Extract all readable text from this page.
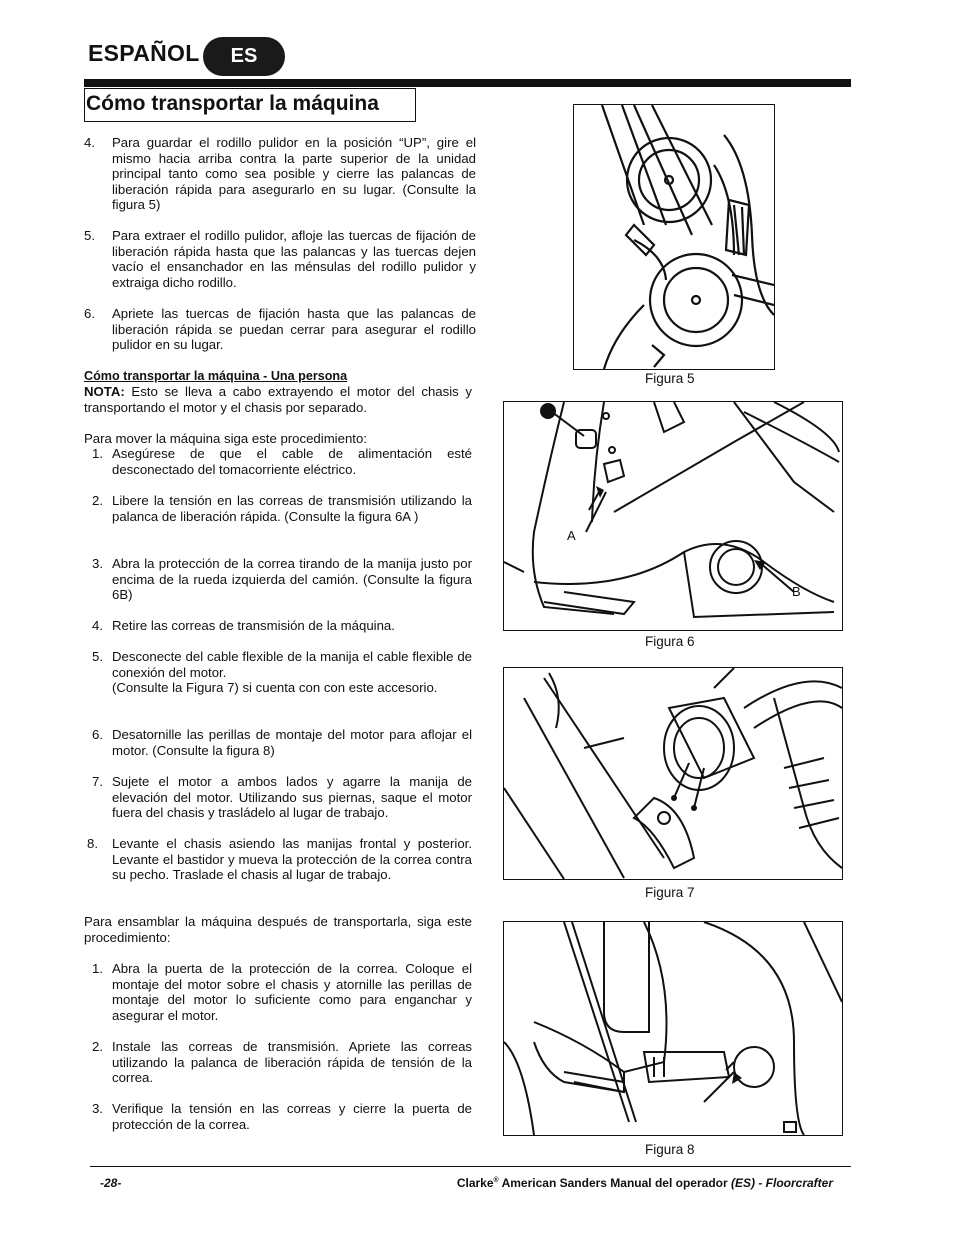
ESPAÑOL	ES
Cómo transportar la máquina
4. Para guardar el rodillo pulidor en la posición “UP”, gire el mismo hacia arriba contra la parte superior de la unidad principal tanto como sea posible y cierre las palancas de liberación rápida para asegurarlo en su lugar. (Consulte la figura 5)
5. Para extraer el rodillo pulidor, afloje las tuercas de fijación de liberación rápida hasta que las palancas y las tuercas dejen vacío el ensanchador en las ménsulas del rodillo pulidor y extraiga dicho rodillo.
6. Apriete las tuercas de fijación hasta que las palancas de liberación rápida se puedan cerrar para asegurar el rodillo pulidor en su lugar.
Cómo transportar la máquina - Una persona
NOTA: Esto se lleva a cabo extrayendo el motor del chasis y transportando el motor y el chasis por separado.
Para mover la máquina siga este procedimiento:
1. Asegúrese de que el cable de alimentación esté desconectado del tomacorriente eléctrico.
2. Libere la tensión en las correas de transmisión utilizando la palanca de liberación rápida. (Consulte la figura 6A )
3. Abra la protección de la correa tirando de la manija justo por encima de la rueda izquierda del camión. (Consulte la figura 6B)
4. Retire las correas de transmisión de la máquina.
5. Desconecte del cable flexible de la manija el cable flexible de conexión del motor.
(Consulte la Figura 7) si cuenta con con este accesorio.
6. Desatornille las perillas de montaje del motor para aflojar el motor. (Consulte la figura 8)
7. Sujete el motor a ambos lados y agarre la manija de elevación del motor. Utilizando sus piernas, saque el motor fuera del chasis y trasládelo al lugar de trabajo.
8. Levante el chasis asiendo las manijas frontal y posterior. Levante el bastidor y mueva la protección de la correa contra su pecho. Traslade el chasis al lugar de trabajo.
Para ensamblar la máquina después de transportarla, siga este procedimiento:
1. Abra la puerta de la protección de la correa. Coloque el montaje del motor sobre el chasis y atornille las perillas de montaje del motor lo suficiente como para enganchar y asegurar el motor.
2. Instale las correas de transmisión. Apriete las correas utilizando la palanca de liberación rápida de tensión de la correa.
3. Verifique la tensión en las correas y cierre la puerta de protección de la correa.
Figura 5
A
B
Figura 6
Figura 7
Figura 8
-28-	Clarke® American Sanders Manual del operador (ES) - Floorcrafter
